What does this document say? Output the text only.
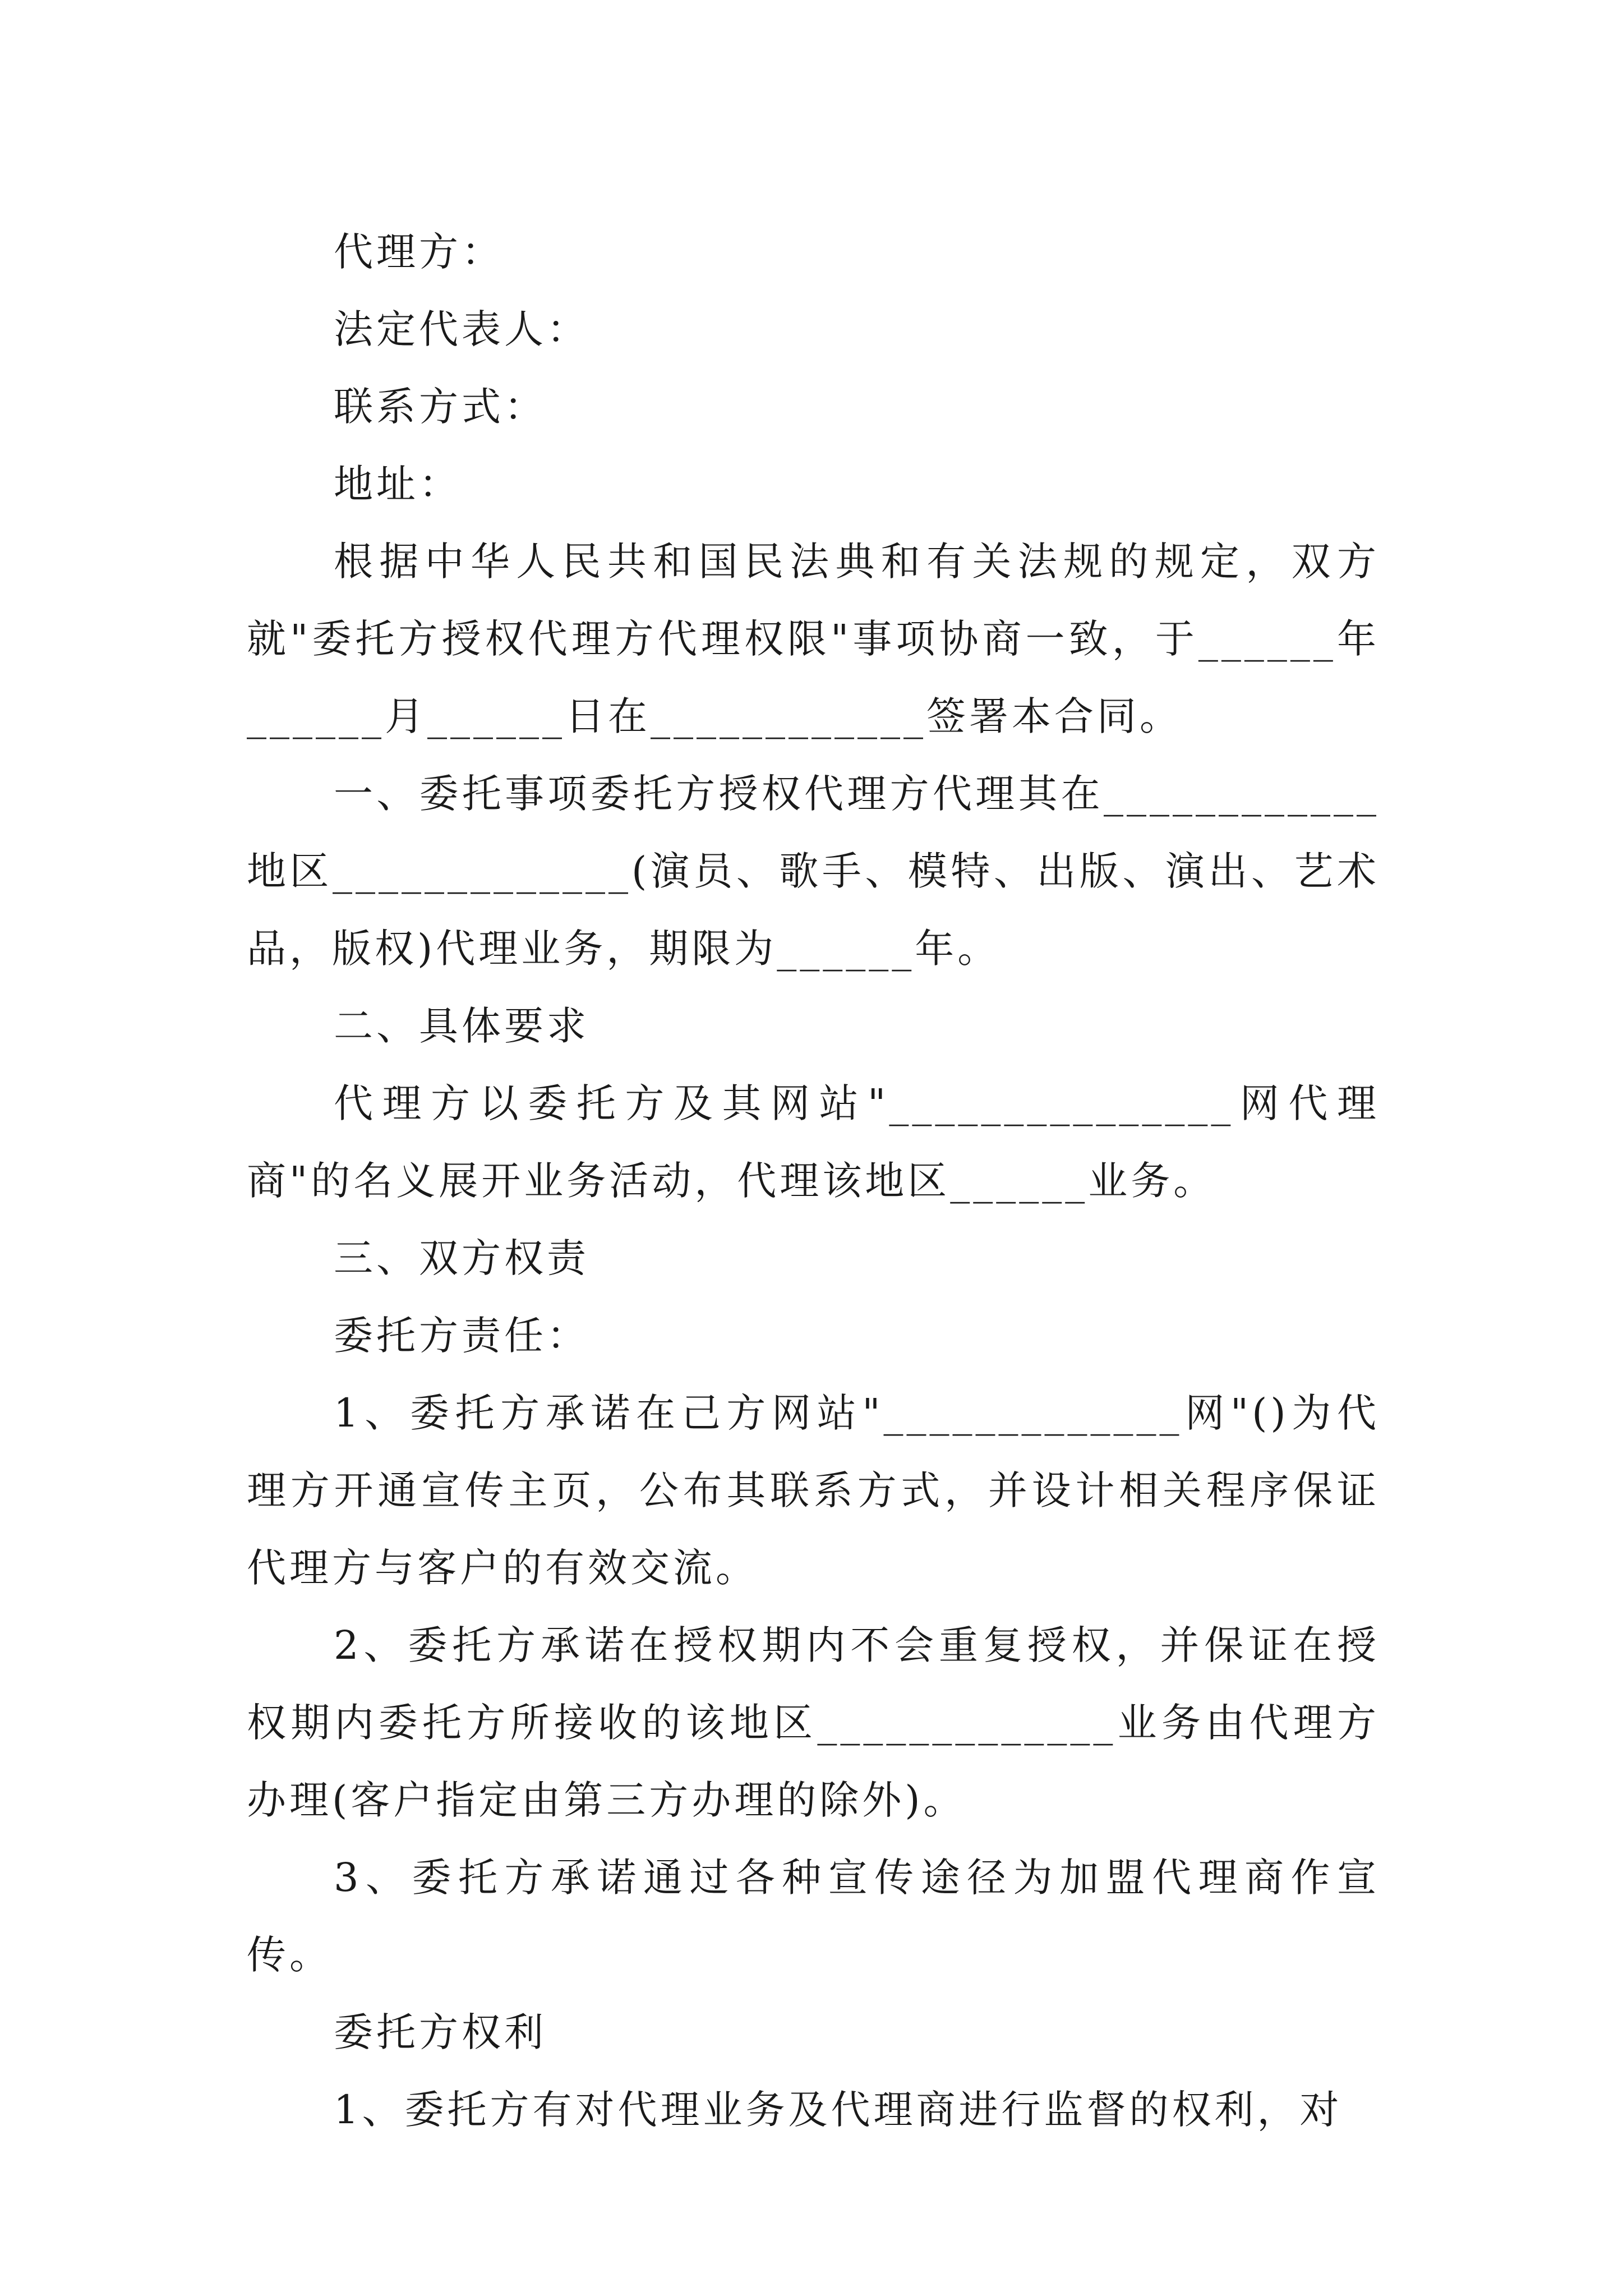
代理方：

法定代表人：

联系方式：

地址：

根据中华人民共和国民法典和有关法规的规定，双方就"委托方授权代理方代理权限"事项协商一致，于______年______月______日在____________签署本合同。

一、委托事项委托方授权代理方代理其在____________地区_____________(演员、歌手、模特、出版、演出、艺术品，版权)代理业务，期限为______年。

二、具体要求

代理方以委托方及其网站"_______________网代理商"的名义展开业务活动，代理该地区______业务。

三、双方权责

委托方责任：

1、委托方承诺在己方网站"_____________网"()为代理方开通宣传主页，公布其联系方式，并设计相关程序保证代理方与客户的有效交流。

2、委托方承诺在授权期内不会重复授权，并保证在授权期内委托方所接收的该地区_____________业务由代理方办理(客户指定由第三方办理的除外)。

3、委托方承诺通过各种宣传途径为加盟代理商作宣传。

委托方权利

1、委托方有对代理业务及代理商进行监督的权利，对
